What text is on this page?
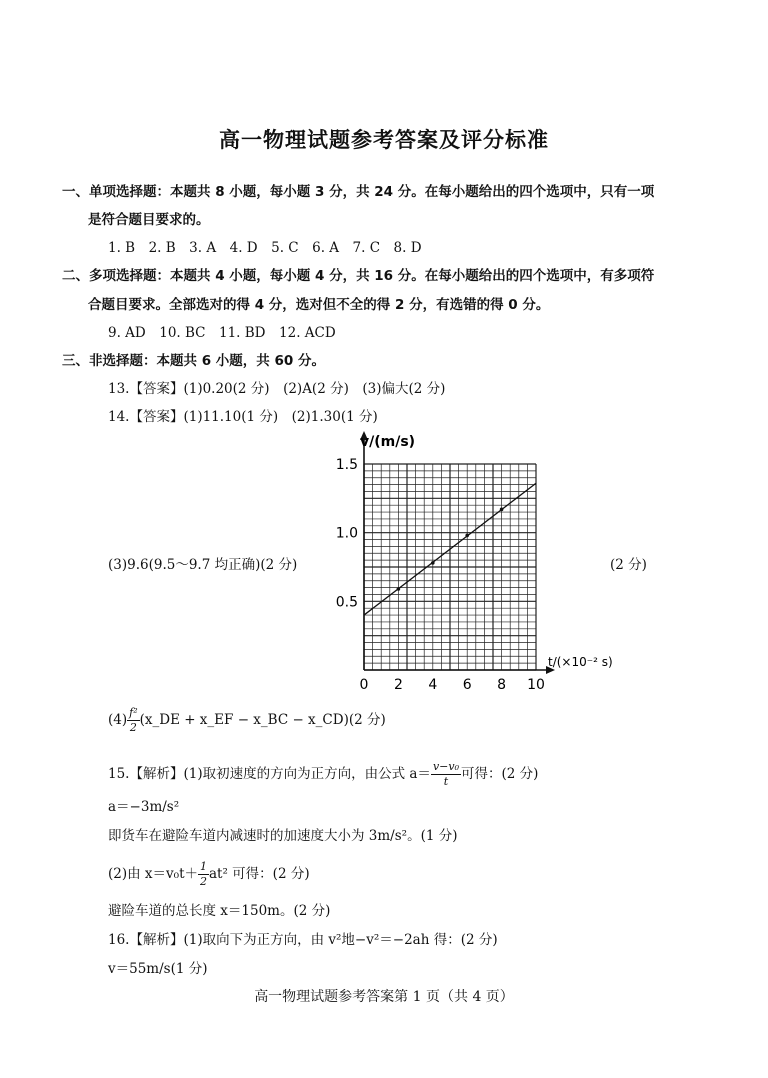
高一物理试题参考答案及评分标准
一、单项选择题：本题共 8 小题，每小题 3 分，共 24 分。在每小题给出的四个选项中，只有一项
是符合题目要求的。
1. B　2. B　3. A　4. D　5. C　6. A　7. C　8. D
二、多项选择题：本题共 4 小题，每小题 4 分，共 16 分。在每小题给出的四个选项中，有多项符
合题目要求。全部选对的得 4 分，选对但不全的得 2 分，有选错的得 0 分。
9. AD　10. BC　11. BD　12. ACD
三、非选择题：本题共 6 小题，共 60 分。
13.【答案】(1)0.20(2 分)　(2)A(2 分)　(3)偏大(2 分)
14.【答案】(1)11.10(1 分)　(2)1.30(1 分)
(3)9.6(9.5～9.7 均正确)(2 分)	(2 分)
0 2 4 6 8 10
0.5
1.0
1.5
v/(m/s)
t/(×10⁻² s)
$(4) \frac{\text{f²}}{2}$ (x_DE + x_EF − x_BC − x_CD)(2 分)
15.【解析】(1)取初速度的方向为正方向，由公式 $a= \frac{\text{v−v₀}}{t}$ 可得：(2 分)
a＝−3m/s²
即货车在避险车道内减速时的加速度大小为 3m/s²。(1 分)
(2)由 $x=v_0t+ \frac{1}{2} at^2$ 可得：(2 分)
避险车道的总长度 x＝150m。(2 分)
16.【解析】(1)取向下为正方向，由 v²地−v²＝−2ah 得：(2 分)
v＝55m/s(1 分)
高一物理试题参考答案第 1 页（共 4 页）
